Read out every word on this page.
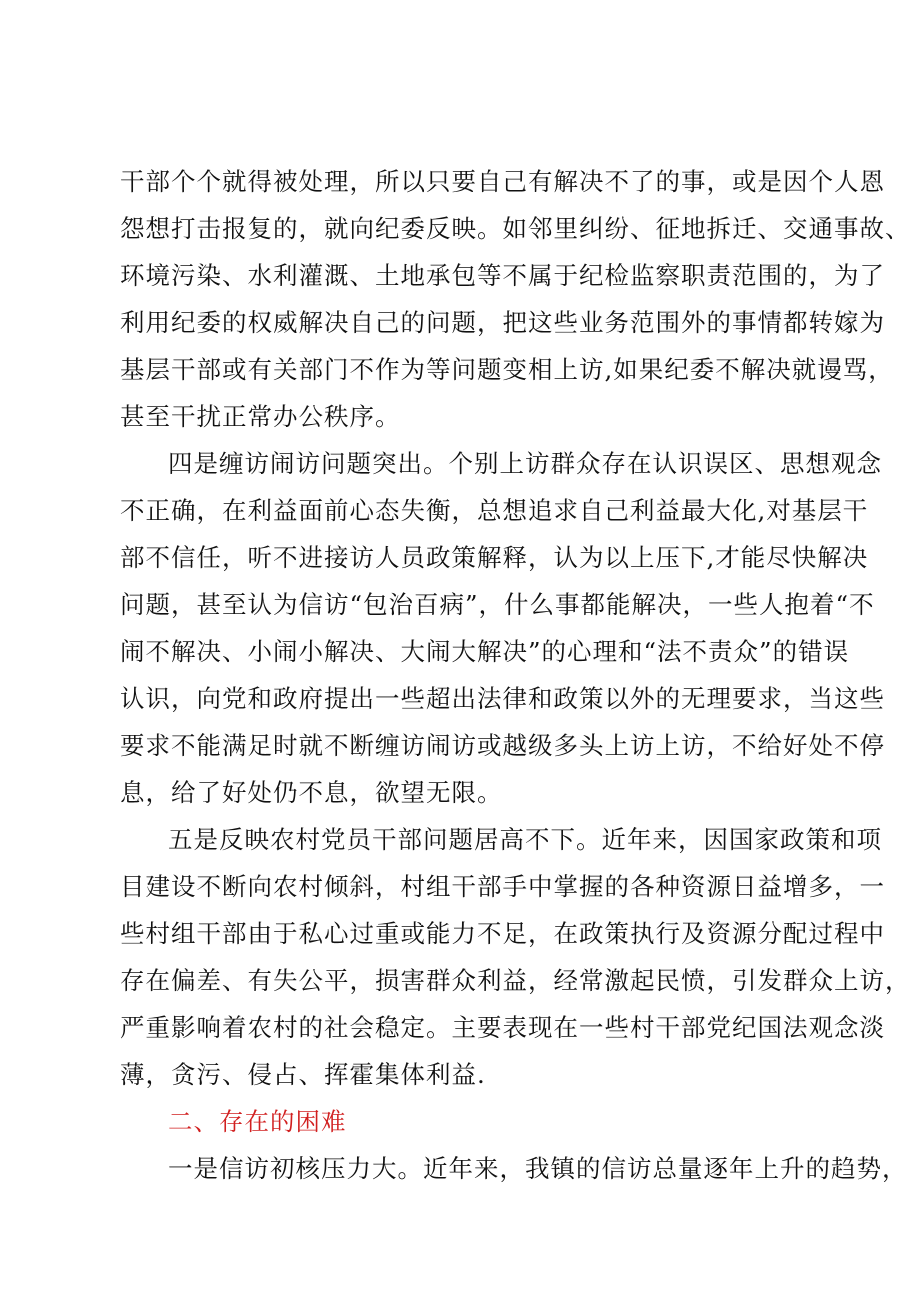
干部个个就得被处理，所以只要自己有解决不了的事，或是因个人恩
怨想打击报复的，就向纪委反映。如邻里纠纷、征地拆迁、交通事故、
环境污染、水利灌溉、土地承包等不属于纪检监察职责范围的，为了
利用纪委的权威解决自己的问题，把这些业务范围外的事情都转嫁为
基层干部或有关部门不作为等问题变相上访,如果纪委不解决就谩骂，
甚至干扰正常办公秩序。
四是缠访闹访问题突出。个别上访群众存在认识误区、思想观念
不正确，在利益面前心态失衡，总想追求自己利益最大化,对基层干
部不信任，听不进接访人员政策解释，认为以上压下,才能尽快解决
问题，甚至认为信访“包治百病”，什么事都能解决，一些人抱着“不
闹不解决、小闹小解决、大闹大解决”的心理和“法不责众”的错误
认识，向党和政府提出一些超出法律和政策以外的无理要求，当这些
要求不能满足时就不断缠访闹访或越级多头上访上访，不给好处不停
息，给了好处仍不息，欲望无限。
五是反映农村党员干部问题居高不下。近年来，因国家政策和项
目建设不断向农村倾斜，村组干部手中掌握的各种资源日益增多，一
些村组干部由于私心过重或能力不足，在政策执行及资源分配过程中
存在偏差、有失公平，损害群众利益，经常激起民愤，引发群众上访，
严重影响着农村的社会稳定。主要表现在一些村干部党纪国法观念淡
薄，贪污、侵占、挥霍集体利益.
二、存在的困难
一是信访初核压力大。近年来，我镇的信访总量逐年上升的趋势，
